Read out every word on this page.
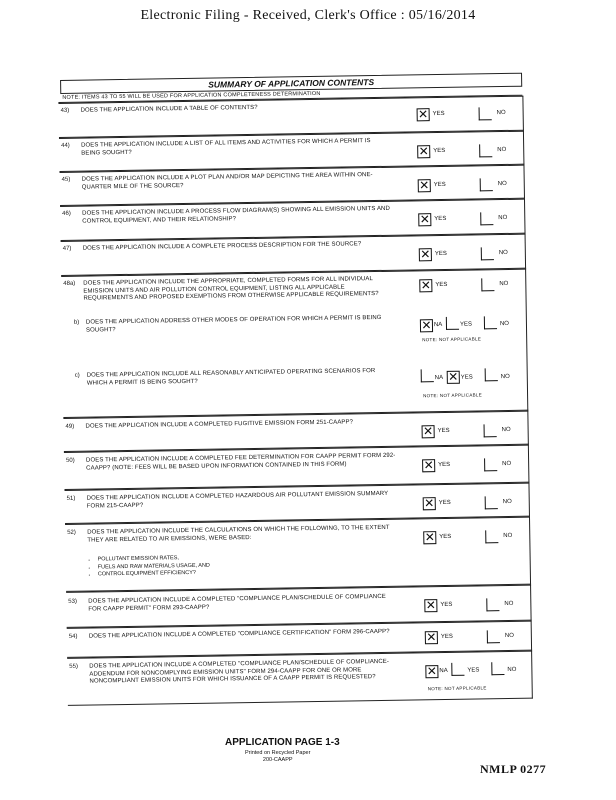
Electronic Filing - Received, Clerk's Office : 05/16/2014
SUMMARY OF APPLICATION CONTENTS
NOTE: ITEMS 43 TO 55 WILL BE USED FOR APPLICATION COMPLETENESS DETERMINATION
43) DOES THE APPLICATION INCLUDE A TABLE OF CONTENTS?	✕ YES	NO
44) DOES THE APPLICATION INCLUDE A LIST OF ALL ITEMS AND ACTIVITIES FOR WHICH A PERMIT IS BEING SOUGHT?	✕ YES	NO
45) DOES THE APPLICATION INCLUDE A PLOT PLAN AND/OR MAP DEPICTING THE AREA WITHIN ONE-QUARTER MILE OF THE SOURCE?	✕ YES	NO
46) DOES THE APPLICATION INCLUDE A PROCESS FLOW DIAGRAM(S) SHOWING ALL EMISSION UNITS AND CONTROL EQUIPMENT, AND THEIR RELATIONSHIP?	✕ YES	NO
47) DOES THE APPLICATION INCLUDE A COMPLETE PROCESS DESCRIPTION FOR THE SOURCE?
✕ YES	NO
48a) DOES THE APPLICATION INCLUDE THE APPROPRIATE, COMPLETED FORMS FOR ALL INDIVIDUAL EMISSION UNITS AND AIR POLLUTION CONTROL EQUIPMENT, LISTING ALL APPLICABLE REQUIREMENTS AND PROPOSED EXEMPTIONS FROM OTHERWISE APPLICABLE REQUIREMENTS?
✕ YES	NO
b) DOES THE APPLICATION ADDRESS OTHER MODES OF OPERATION FOR WHICH A PERMIT IS BEING SOUGHT?	✕ NA	YES	NO
NOTE: NOT APPLICABLE
c) DOES THE APPLICATION INCLUDE ALL REASONABLY ANTICIPATED OPERATING SCENARIOS FOR WHICH A PERMIT IS BEING SOUGHT?
NA ✕ YES	NO
NOTE: NOT APPLICABLE
49) DOES THE APPLICATION INCLUDE A COMPLETED FUGITIVE EMISSION FORM 251-CAAPP?	✕ YES	NO
50) DOES THE APPLICATION INCLUDE A COMPLETED FEE DETERMINATION FOR CAAPP PERMIT FORM 292-CAAPP? (NOTE: FEES WILL BE BASED UPON INFORMATION CONTAINED IN THIS FORM)	✕ YES	NO
51) DOES THE APPLICATION INCLUDE A COMPLETED HAZARDOUS AIR POLLUTANT EMISSION SUMMARY FORM 215-CAAPP?	✕ YES	NO
52) DOES THE APPLICATION INCLUDE THE CALCULATIONS ON WHICH THE FOLLOWING, TO THE EXTENT THEY ARE RELATED TO AIR EMISSIONS, WERE BASED:
• POLLUTANT EMISSION RATES,
• FUELS AND RAW MATERIALS USAGE, AND
• CONTROL EQUIPMENT EFFICIENCY?
✕ YES	NO
53) DOES THE APPLICATION INCLUDE A COMPLETED "COMPLIANCE PLAN/SCHEDULE OF COMPLIANCE FOR CAAPP PERMIT" FORM 293-CAAPP?	✕ YES	NO
54) DOES THE APPLICATION INCLUDE A COMPLETED "COMPLIANCE CERTIFICATION" FORM 296-CAAPP?	✕ YES	NO
55) DOES THE APPLICATION INCLUDE A COMPLETED "COMPLIANCE PLAN/SCHEDULE OF COMPLIANCE-ADDENDUM FOR NONCOMPLYING EMISSION UNITS" FORM 294-CAAPP FOR ONE OR MORE NONCOMPLIANT EMISSION UNITS FOR WHICH ISSUANCE OF A CAAPP PERMIT IS REQUESTED?
✕ NA	YES	NO
NOTE: NOT APPLICABLE
APPLICATION PAGE 1-3
Printed on Recycled Paper
200-CAAPP
NMLP 0277
